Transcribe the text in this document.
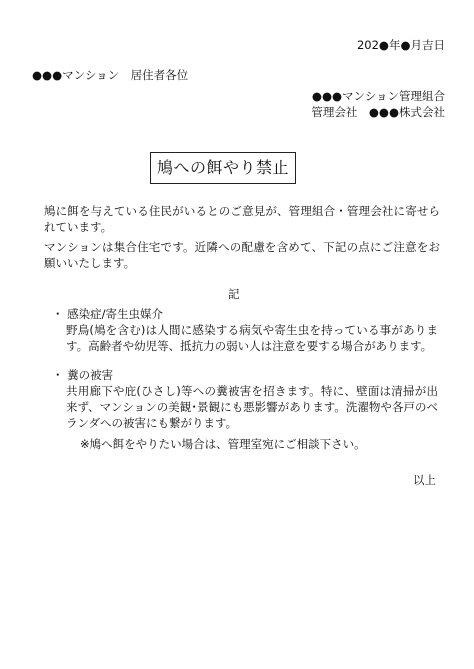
202●年●月吉日
●●●マンション　居住者各位
●●●マンション管理組合
管理会社　●●●株式会社
鳩への餌やり禁止
鳩に餌を与えている住民がいるとのご意見が、管理組合・管理会社に寄せられています。
マンションは集合住宅です。近隣への配慮を含めて、下記の点にご注意をお願いいたします。
記
・ 感染症/寄生虫媒介
野鳥(鳩を含む)は人間に感染する病気や寄生虫を持っている事があります。高齢者や幼児等、抵抗力の弱い人は注意を要する場合があります。
・ 糞の被害
共用廊下や庇(ひさし)等への糞被害を招きます。特に、壁面は清掃が出来ず、マンションの美観･景観にも悪影響があります。洗濯物や各戸のベランダへの被害にも繋がります。
※鳩へ餌をやりたい場合は、管理室宛にご相談下さい。
以上
